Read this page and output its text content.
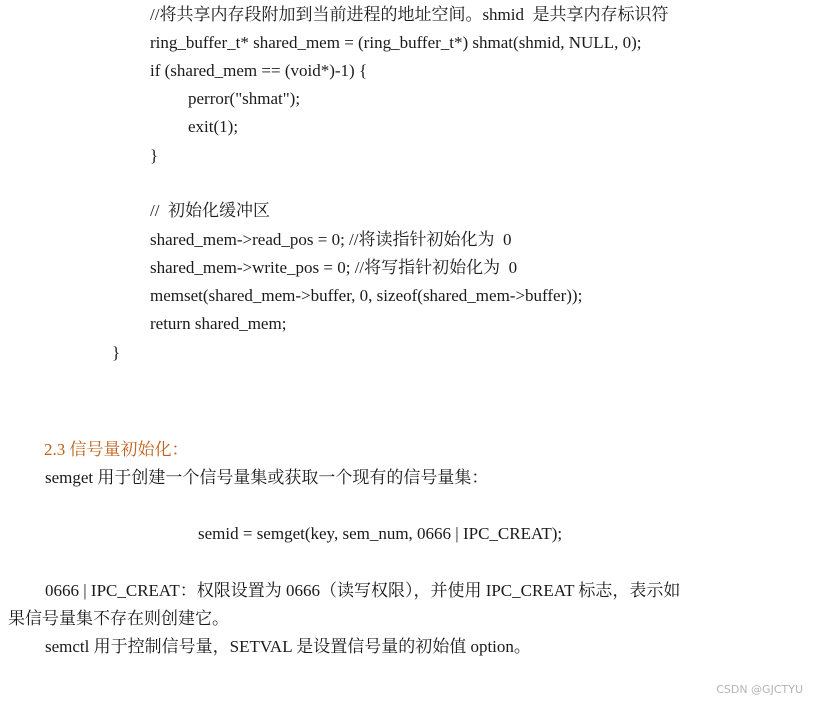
//将共享内存段附加到当前进程的地址空间。shmid  是共享内存标识符
ring_buffer_t* shared_mem = (ring_buffer_t*) shmat(shmid, NULL, 0);
if (shared_mem == (void*)-1) {
perror("shmat");
exit(1);
}
//  初始化缓冲区
shared_mem->read_pos = 0; //将读指针初始化为  0
shared_mem->write_pos = 0; //将写指针初始化为  0
memset(shared_mem->buffer, 0, sizeof(shared_mem->buffer));
return shared_mem;
}
2.3 信号量初始化：
semget 用于创建一个信号量集或获取一个现有的信号量集：
semid = semget(key, sem_num, 0666 | IPC_CREAT);
0666 | IPC_CREAT：权限设置为 0666（读写权限），并使用 IPC_CREAT 标志，表示如
果信号量集不存在则创建它。
semctl 用于控制信号量，SETVAL 是设置信号量的初始值 option。
CSDN @GJCTYU
